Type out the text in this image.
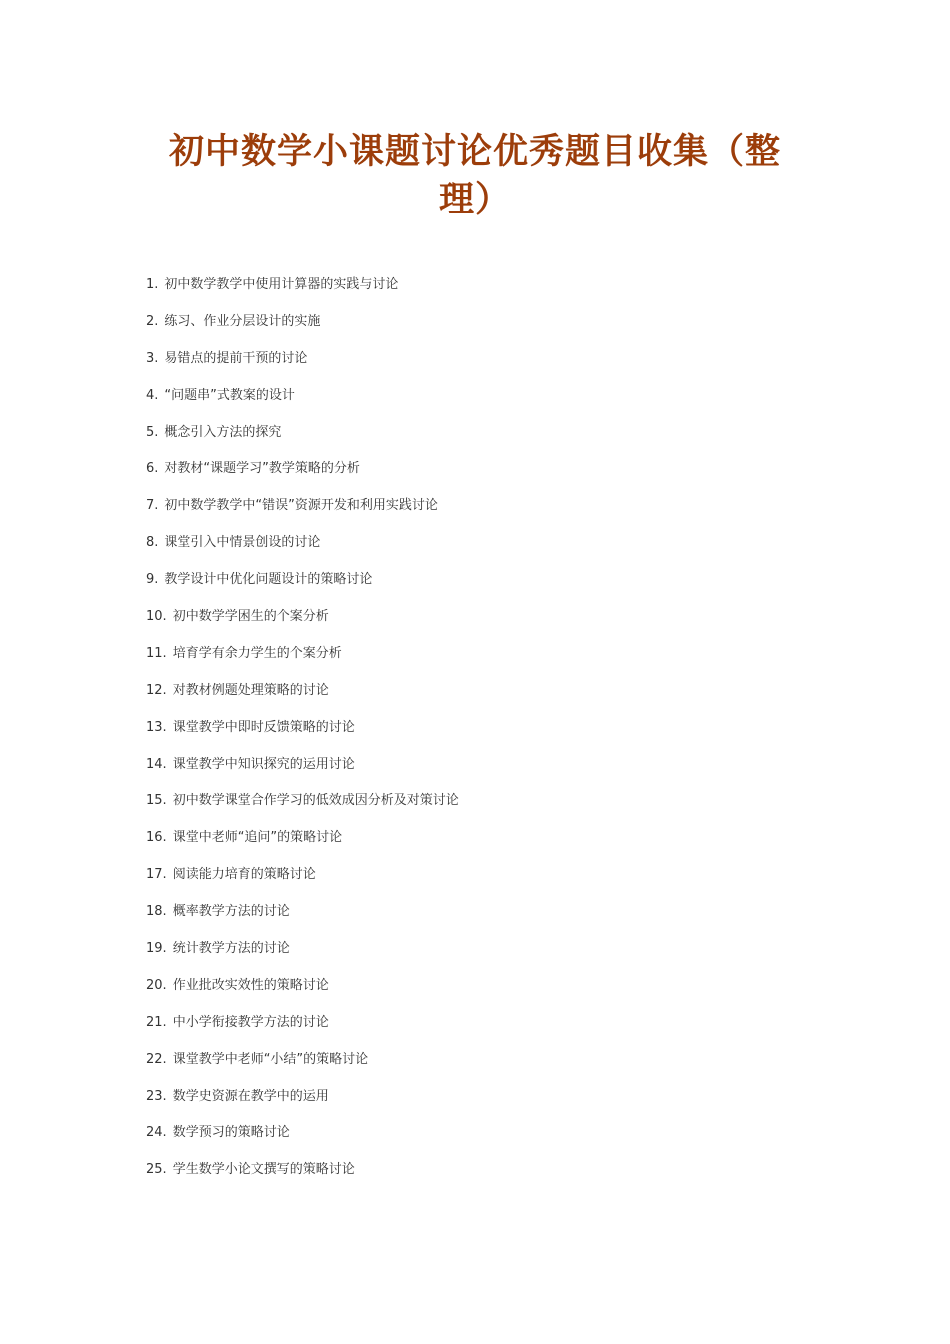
初中数学小课题讨论优秀题目收集（整理）
1. 初中数学教学中使用计算器的实践与讨论
2. 练习、作业分层设计的实施
3. 易错点的提前干预的讨论
4. “问题串”式教案的设计
5. 概念引入方法的探究
6. 对教材“课题学习”教学策略的分析
7. 初中数学教学中“错误”资源开发和利用实践讨论
8. 课堂引入中情景创设的讨论
9. 教学设计中优化问题设计的策略讨论
10. 初中数学学困生的个案分析
11. 培育学有余力学生的个案分析
12. 对教材例题处理策略的讨论
13. 课堂教学中即时反馈策略的讨论
14. 课堂教学中知识探究的运用讨论
15. 初中数学课堂合作学习的低效成因分析及对策讨论
16. 课堂中老师“追问”的策略讨论
17. 阅读能力培育的策略讨论
18. 概率教学方法的讨论
19. 统计教学方法的讨论
20. 作业批改实效性的策略讨论
21. 中小学衔接教学方法的讨论
22. 课堂教学中老师“小结”的策略讨论
23. 数学史资源在教学中的运用
24. 数学预习的策略讨论
25. 学生数学小论文撰写的策略讨论
